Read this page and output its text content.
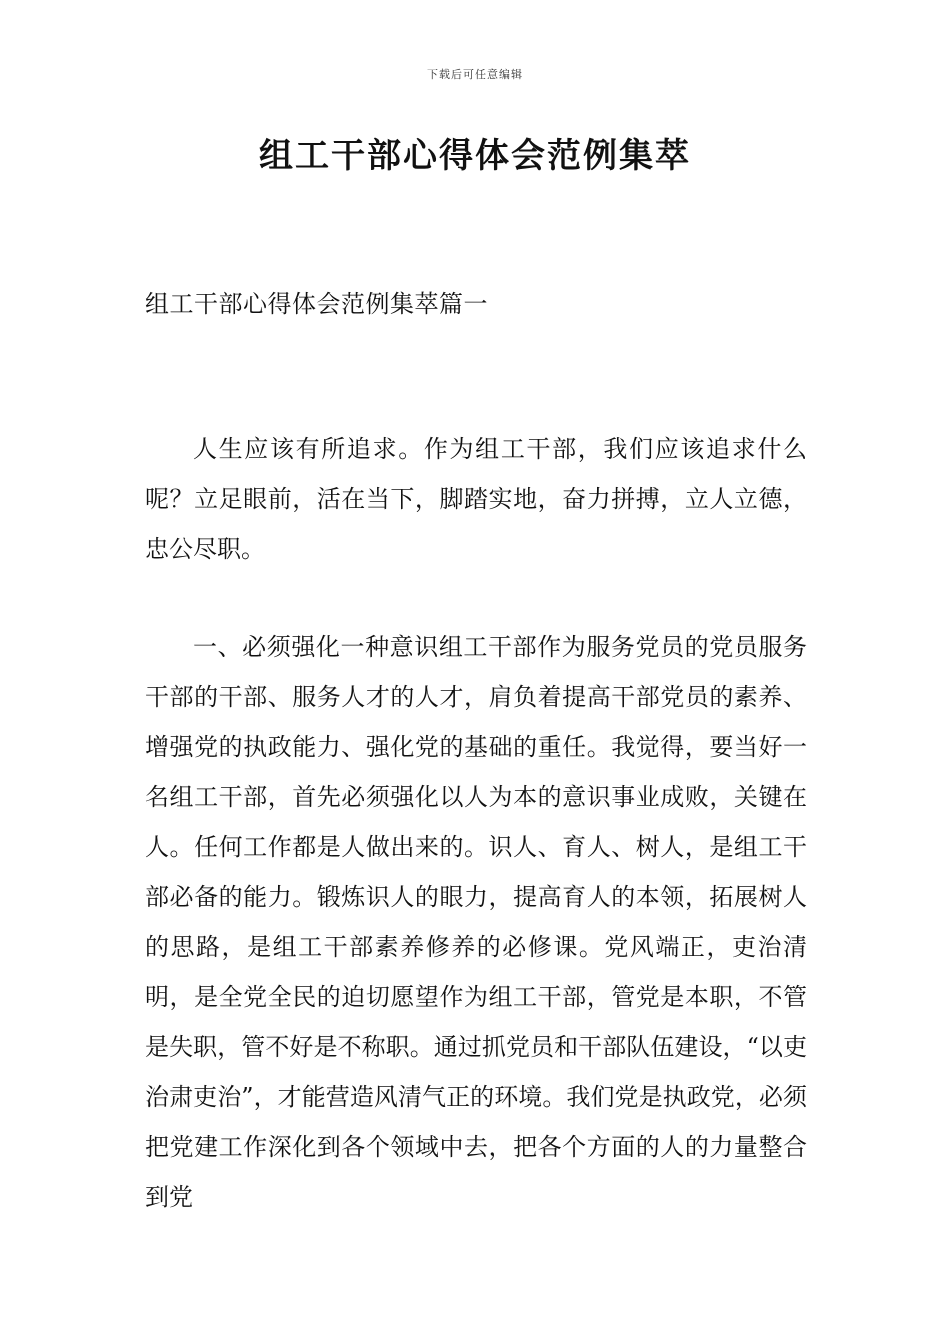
下载后可任意编辑
组工干部心得体会范例集萃
组工干部心得体会范例集萃篇一

人生应该有所追求。作为组工干部，我们应该追求什么呢？立足眼前，活在当下，脚踏实地，奋力拼搏，立人立德，忠公尽职。

一、必须强化一种意识组工干部作为服务党员的党员服务干部的干部、服务人才的人才，肩负着提高干部党员的素养、增强党的执政能力、强化党的基础的重任。我觉得，要当好一名组工干部，首先必须强化以人为本的意识事业成败，关键在人。任何工作都是人做出来的。识人、育人、树人，是组工干部必备的能力。锻炼识人的眼力，提高育人的本领，拓展树人的思路，是组工干部素养修养的必修课。党风端正，吏治清明，是全党全民的迫切愿望作为组工干部，管党是本职，不管是失职，管不好是不称职。通过抓党员和干部队伍建设，“以吏治肃吏治”，才能营造风清气正的环境。我们党是执政党，必须把党建工作深化到各个领域中去，把各个方面的人的力量整合到党
